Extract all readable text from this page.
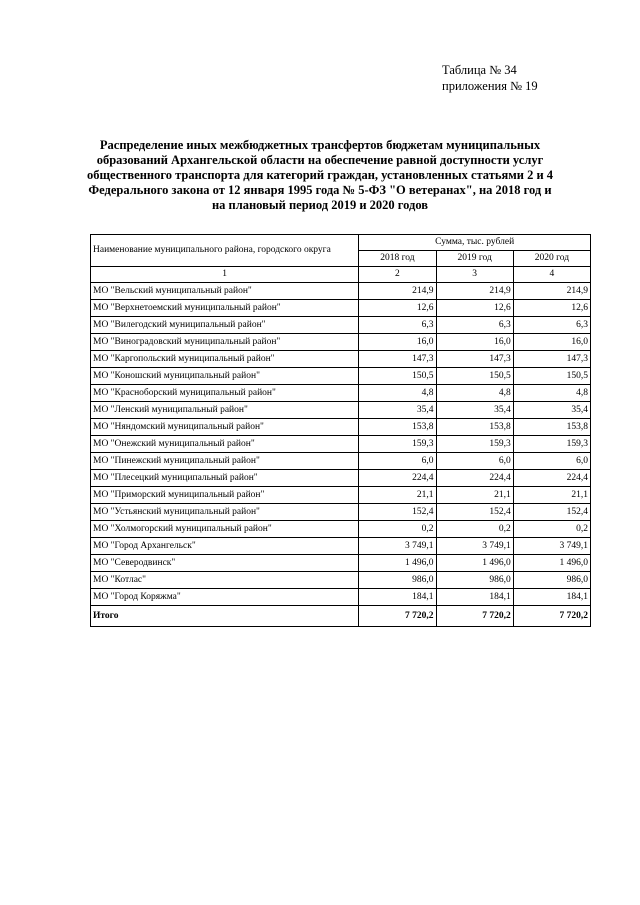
Таблица № 34
приложения № 19
Распределение иных межбюджетных трансфертов бюджетам муниципальных образований Архангельской области на обеспечение равной доступности услуг общественного транспорта для категорий граждан, установленных статьями 2 и 4 Федерального закона от 12 января 1995 года № 5-ФЗ "О ветеранах", на 2018 год и на плановый период 2019 и 2020 годов
Наименование муниципального района, городского округа	Сумма, тыс. рублей		
	2018 год	2019 год	2020 год
1	2	3	4
МО "Вельский муниципальный район"	214,9	214,9	214,9
МО "Верхнетоемский муниципальный район"	12,6	12,6	12,6
МО "Вилегодский муниципальный район"	6,3	6,3	6,3
МО "Виноградовский муниципальный район"	16,0	16,0	16,0
МО "Каргопольский муниципальный район"	147,3	147,3	147,3
МО "Коношский муниципальный район"	150,5	150,5	150,5
МО "Красноборский муниципальный район"	4,8	4,8	4,8
МО "Ленский муниципальный район"	35,4	35,4	35,4
МО "Няндомский муниципальный район"	153,8	153,8	153,8
МО "Онежский муниципальный район"	159,3	159,3	159,3
МО "Пинежский муниципальный район"	6,0	6,0	6,0
МО "Плесецкий муниципальный район"	224,4	224,4	224,4
МО "Приморский муниципальный район"	21,1	21,1	21,1
МО "Устьянский муниципальный район"	152,4	152,4	152,4
МО "Холмогорский муниципальный район"	0,2	0,2	0,2
МО "Город Архангельск"	3 749,1	3 749,1	3 749,1
МО "Северодвинск"	1 496,0	1 496,0	1 496,0
МО "Котлас"	986,0	986,0	986,0
МО "Город Коряжма"	184,1	184,1	184,1
Итого	7 720,2	7 720,2	7 720,2
